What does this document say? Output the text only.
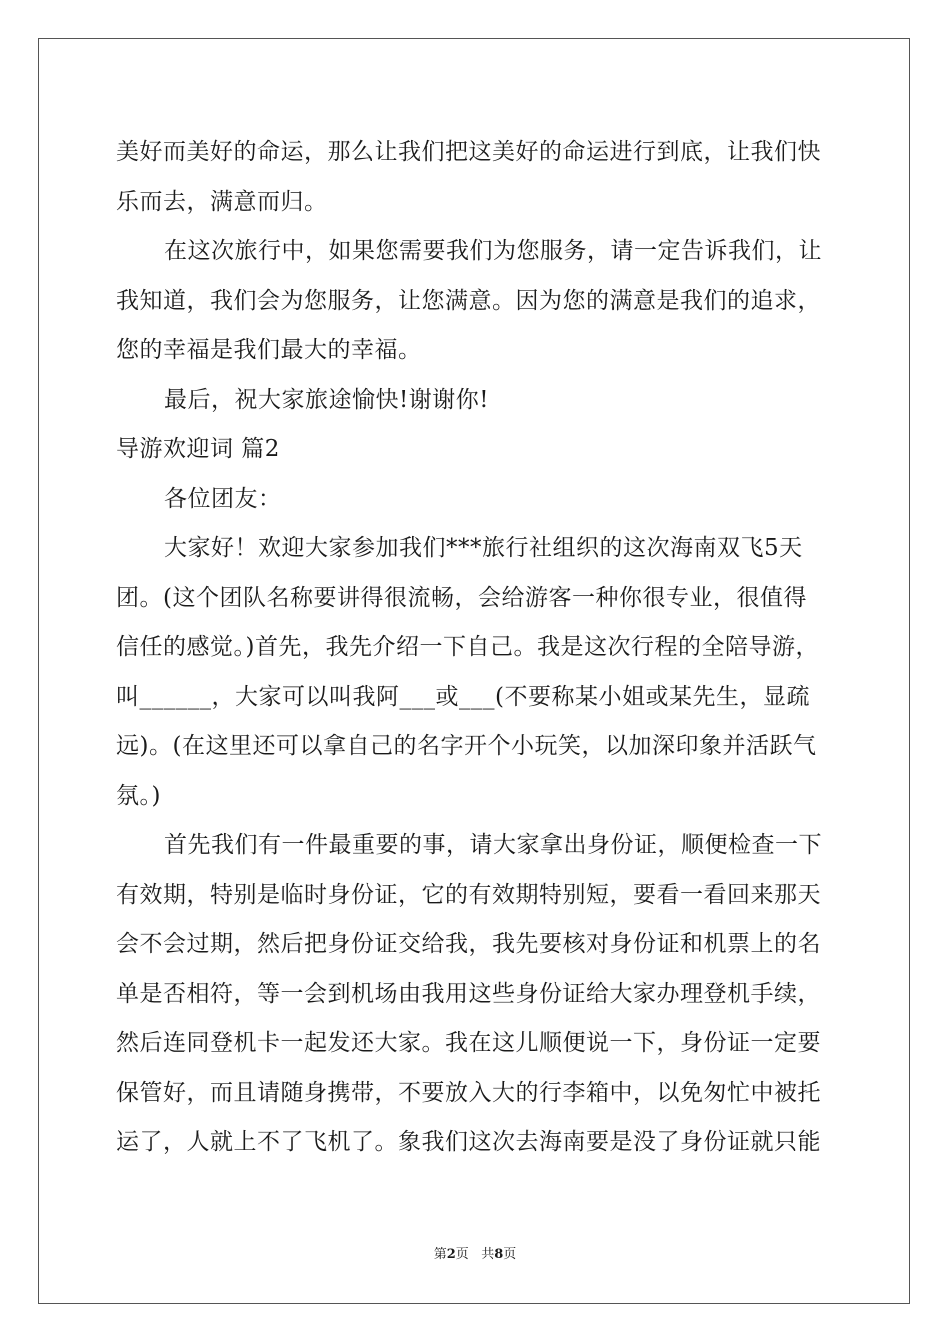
美好而美好的命运，那么让我们把这美好的命运进行到底，让我们快
乐而去，满意而归。
在这次旅行中，如果您需要我们为您服务，请一定告诉我们，让
我知道，我们会为您服务，让您满意。因为您的满意是我们的追求，
您的幸福是我们最大的幸福。
最后，祝大家旅途愉快!谢谢你!
导游欢迎词 篇2
各位团友：
大家好！欢迎大家参加我们***旅行社组织的这次海南双飞5天
团。(这个团队名称要讲得很流畅，会给游客一种你很专业，很值得
信任的感觉。)首先，我先介绍一下自己。我是这次行程的全陪导游，
叫______，大家可以叫我阿___或___(不要称某小姐或某先生，显疏
远)。(在这里还可以拿自己的名字开个小玩笑，以加深印象并活跃气
氛。)
首先我们有一件最重要的事，请大家拿出身份证，顺便检查一下
有效期，特别是临时身份证，它的有效期特别短，要看一看回来那天
会不会过期，然后把身份证交给我，我先要核对身份证和机票上的名
单是否相符，等一会到机场由我用这些身份证给大家办理登机手续，
然后连同登机卡一起发还大家。我在这儿顺便说一下，身份证一定要
保管好，而且请随身携带，不要放入大的行李箱中，以免匆忙中被托
运了，人就上不了飞机了。象我们这次去海南要是没了身份证就只能
第2页 共8页
